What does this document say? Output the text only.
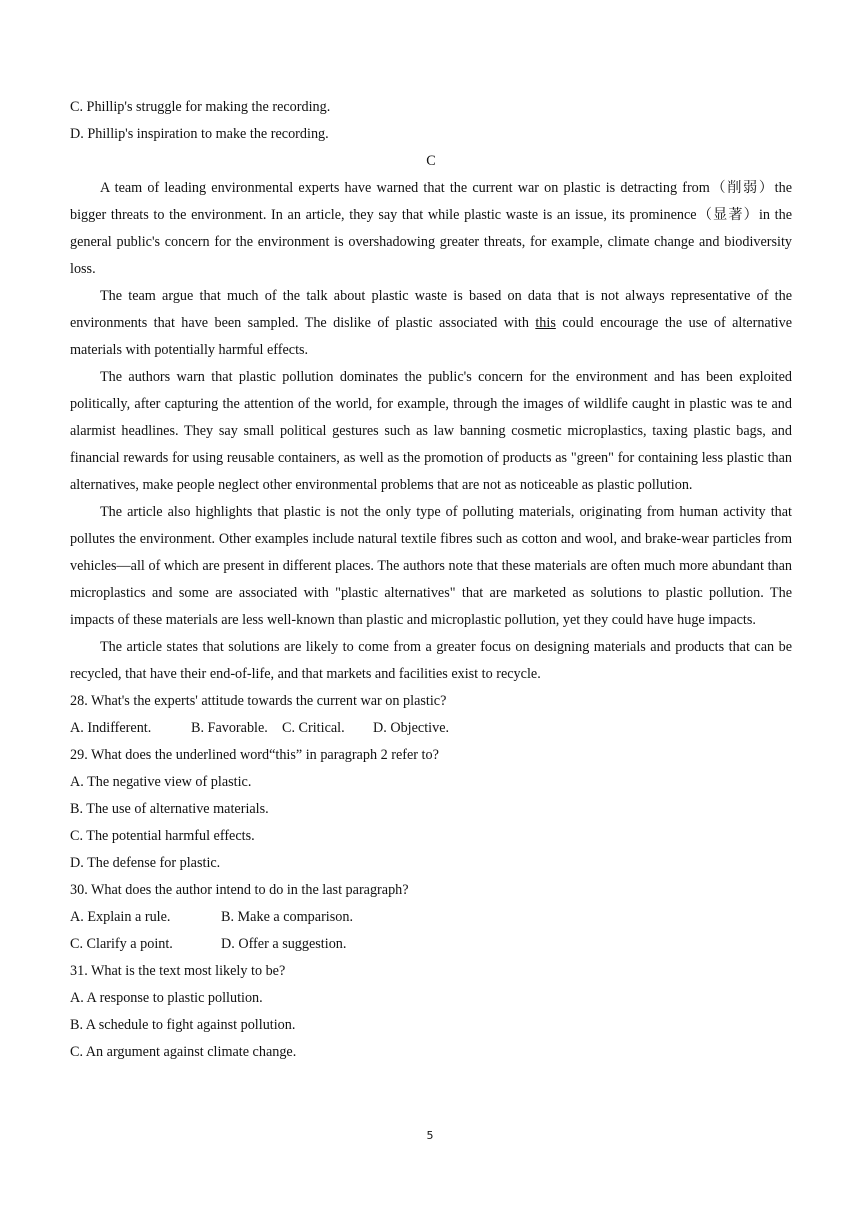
C. Phillip's struggle for making the recording.

D. Phillip's inspiration to make the recording.

C

A team of leading environmental experts have warned that the current war on plastic is detracting from（削弱）the bigger threats to the environment. In an article, they say that while plastic waste is an issue, its prominence（显著）in the general public's concern for the environment is overshadowing greater threats, for example, climate change and biodiversity loss.

The team argue that much of the talk about plastic waste is based on data that is not always representative of the environments that have been sampled. The dislike of plastic associated with this could encourage the use of alternative materials with potentially harmful effects.

The authors warn that plastic pollution dominates the public's concern for the environment and has been exploited politically, after capturing the attention of the world, for example, through the images of wildlife caught in plastic was te and alarmist headlines. They say small political gestures such as law banning cosmetic microplastics, taxing plastic bags, and financial rewards for using reusable containers, as well as the promotion of products as "green" for containing less plastic than alternatives, make people neglect other environmental problems that are not as noticeable as plastic pollution.

The article also highlights that plastic is not the only type of polluting materials, originating from human activity that pollutes the environment. Other examples include natural textile fibres such as cotton and wool, and brake-wear particles from vehicles—all of which are present in different places. The authors note that these materials are often much more abundant than microplastics and some are associated with "plastic alternatives" that are marketed as solutions to plastic pollution. The impacts of these materials are less well-known than plastic and microplastic pollution, yet they could have huge impacts.

The article states that solutions are likely to come from a greater focus on designing materials and products that can be recycled, that have their end-of-life, and that markets and facilities exist to recycle.

28. What's the experts' attitude towards the current war on plastic?

A. Indifferent.	B. Favorable. C. Critical. D. Objective.

29. What does the underlined word“this” in paragraph 2 refer to?

A. The negative view of plastic.

B. The use of alternative materials.

C. The potential harmful effects.

D. The defense for plastic.

30. What does the author intend to do in the last paragraph?

A. Explain a rule.	B. Make a comparison.

C. Clarify a point.	D. Offer a suggestion.

31. What is the text most likely to be?

A. A response to plastic pollution.

B. A schedule to fight against pollution.

C. An argument against climate change.

5
